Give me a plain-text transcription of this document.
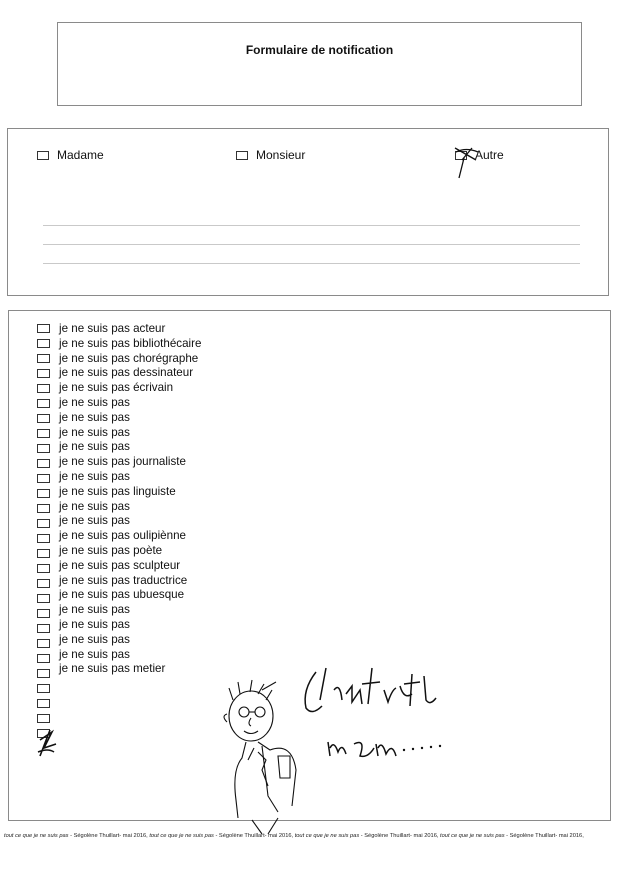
Formulaire de notification
Madame	Monsieur	Autre
je ne suis pas acteur
je ne suis pas bibliothécaire
je ne suis pas chorégraphe
je ne suis pas dessinateur
je ne suis pas écrivain
je ne suis pas
je ne suis pas
je ne suis pas
je ne suis pas
je ne suis pas journaliste
je ne suis pas
je ne suis pas linguiste
je ne suis pas
je ne suis pas
je ne suis pas oulipiènne
je ne suis pas poète
je ne suis pas sculpteur
je ne suis pas traductrice
je ne suis pas ubuesque
je ne suis pas
je ne suis pas
je ne suis pas
je ne suis pas
je ne suis pas metier
tout ce que je ne suis pas - Ségolène Thuillart- mai 2016, tout ce que je ne suis pas - Ségolène Thuillart- mai 2016, tout ce que je ne suis pas - Ségolène Thuillart- mai 2016, tout ce que je ne suis pas - Ségolène Thuillart- mai 2016,
